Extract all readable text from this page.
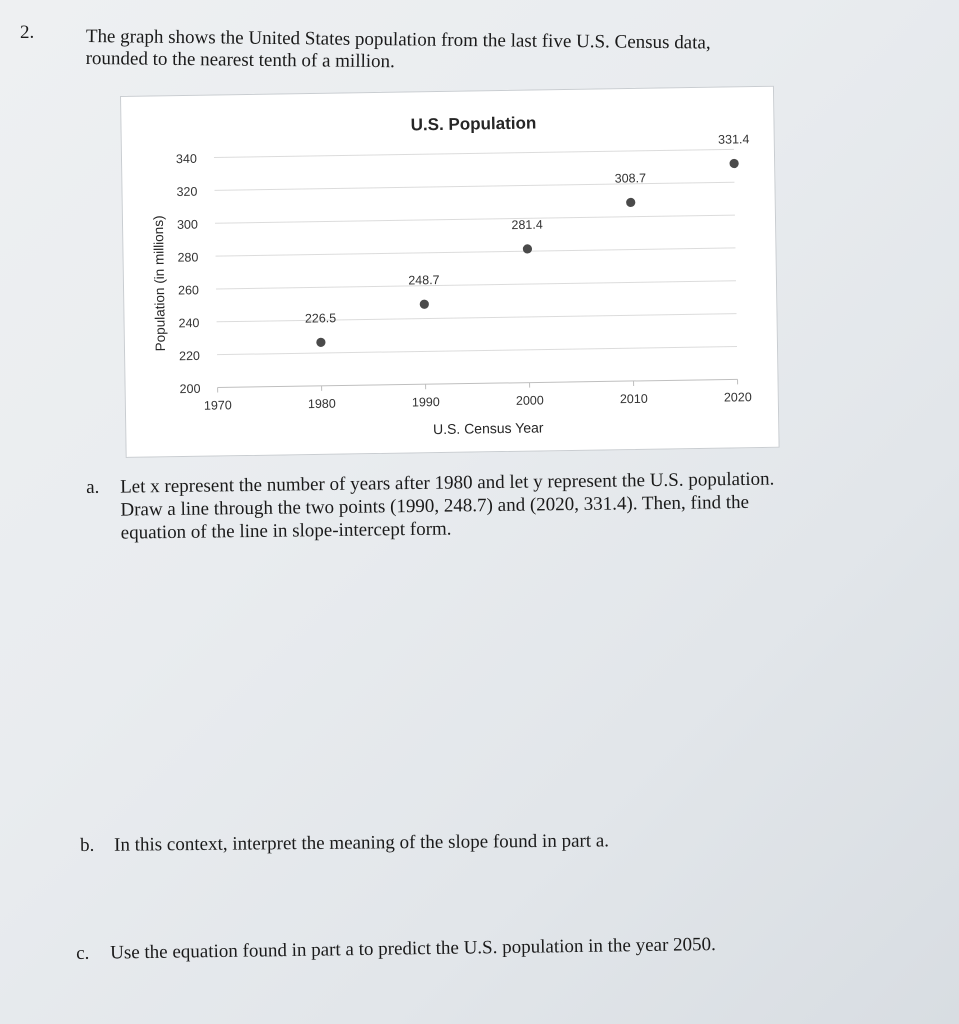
2.	The graph shows the United States population from the last five U.S. Census data,
rounded to the nearest tenth of a million.
200
220
240
260
280
300
320
340
1970	1980	1990	2000	2010	2020
U.S. Population
U.S. Census Year
Population (in millions)	226.5
248.7
281.4
308.7
331.4
a. Let x represent the number of years after 1980 and let y represent the U.S. population.
Draw a line through the two points (1990, 248.7) and (2020, 331.4). Then, find the
equation of the line in slope-intercept form.
b. In this context, interpret the meaning of the slope found in part a.
c. Use the equation found in part a to predict the U.S. population in the year 2050.
